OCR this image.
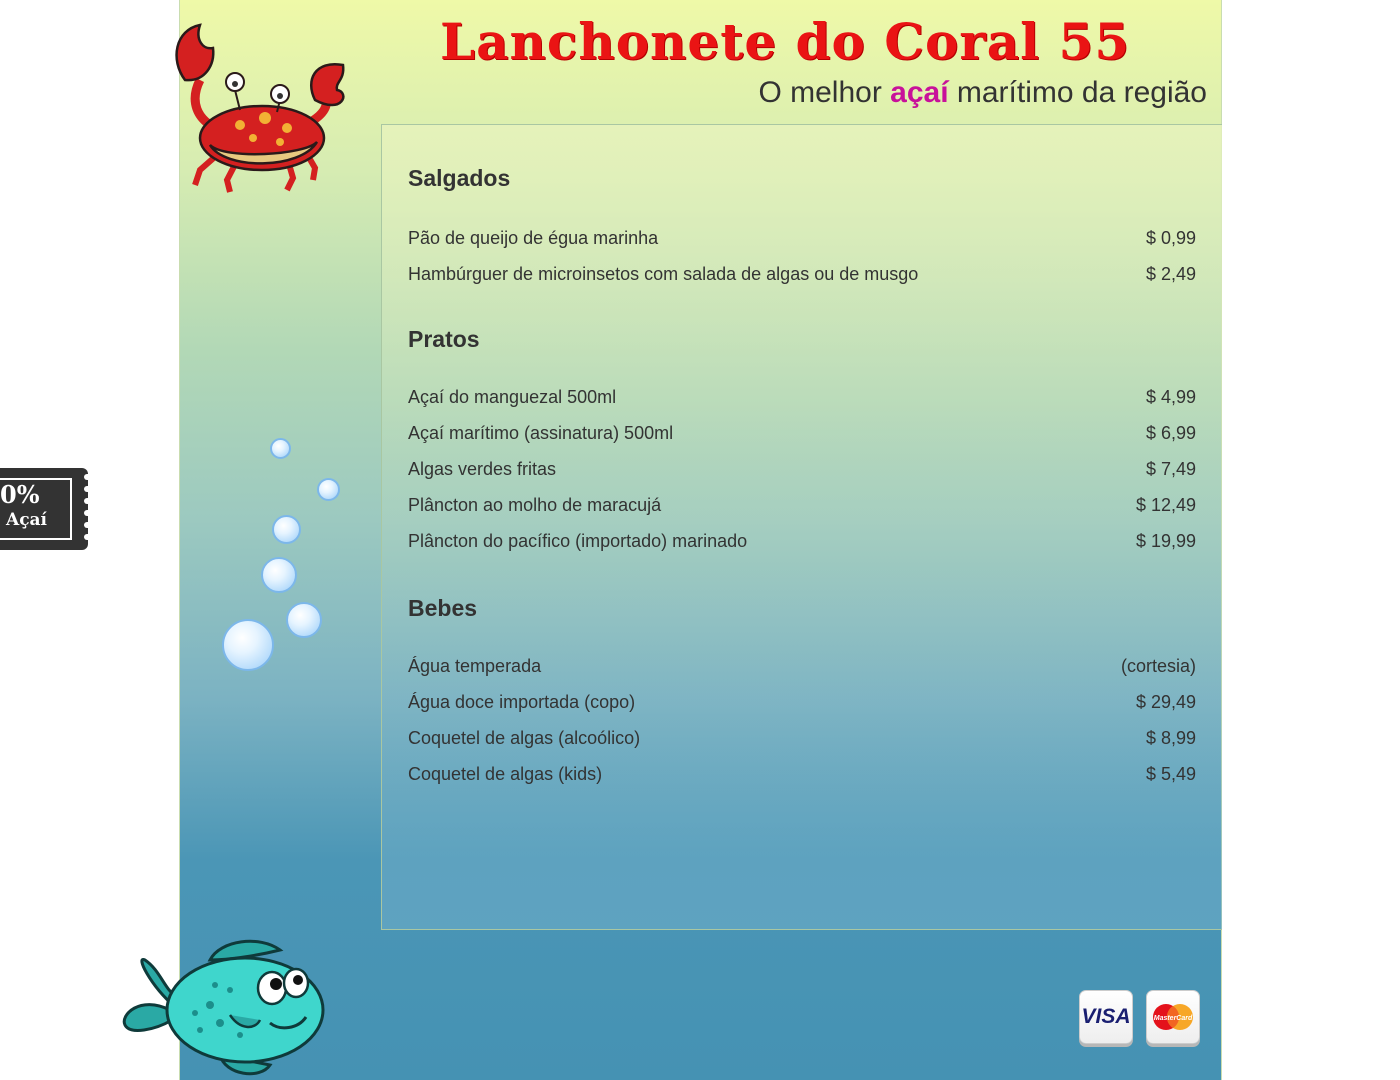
Lanchonete do Coral 55
O melhor açaí marítimo da região
Salgados
Pão de queijo de égua marinha	$ 0,99
Hambúrguer de microinsetos com salada de algas ou de musgo	$ 2,49
Pratos
Açaí do manguezal 500ml	$ 4,99
Açaí marítimo (assinatura) 500ml	$ 6,99
Algas verdes fritas	$ 7,49
Plâncton ao molho de maracujá	$ 12,49
Plâncton do pacífico (importado) marinado	$ 19,99
Bebes
Água temperada	(cortesia)
Água doce importada (copo)	$ 29,49
Coquetel de algas (alcoólico)	$ 8,99
Coquetel de algas (kids)	$ 5,49
0%
Açaí
VISA	MasterCard
